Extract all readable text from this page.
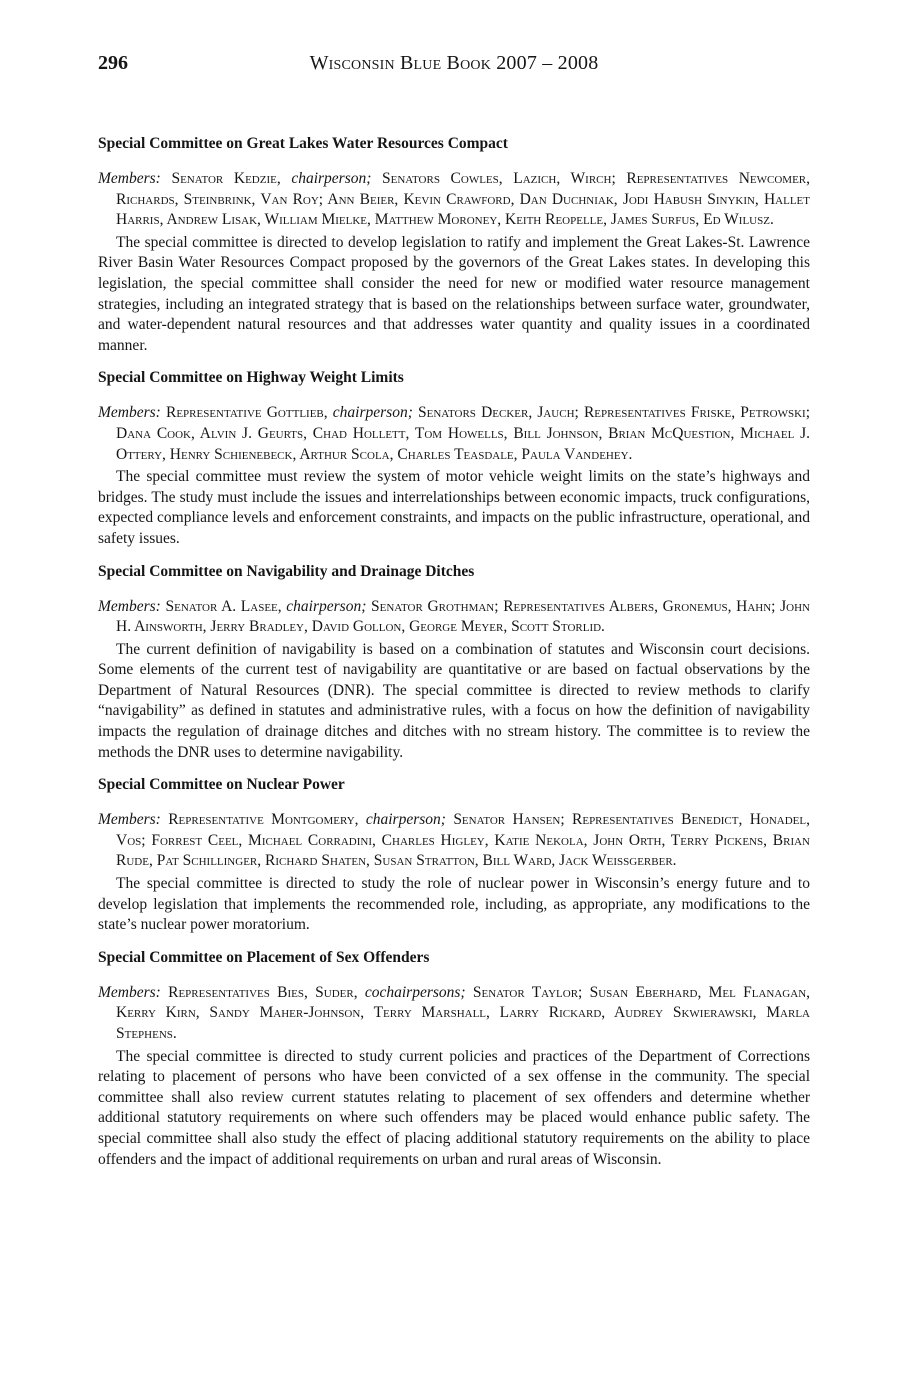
296	Wisconsin Blue Book 2007 – 2008
Special Committee on Great Lakes Water Resources Compact

Members: Senator Kedzie, chairperson; Senators Cowles, Lazich, Wirch; Representatives Newcomer, Richards, Steinbrink, Van Roy; Ann Beier, Kevin Crawford, Dan Duchniak, Jodi Habush Sinykin, Hallet Harris, Andrew Lisak, William Mielke, Matthew Moroney, Keith Reopelle, James Surfus, Ed Wilusz.

The special committee is directed to develop legislation to ratify and implement the Great Lakes-St. Lawrence River Basin Water Resources Compact proposed by the governors of the Great Lakes states. In developing this legislation, the special committee shall consider the need for new or modified water resource management strategies, including an integrated strategy that is based on the relationships between surface water, groundwater, and water-dependent natural resources and that addresses water quantity and quality issues in a coordinated manner.

Special Committee on Highway Weight Limits

Members: Representative Gottlieb, chairperson; Senators Decker, Jauch; Representatives Friske, Petrowski; Dana Cook, Alvin J. Geurts, Chad Hollett, Tom Howells, Bill Johnson, Brian McQuestion, Michael J. Ottery, Henry Schienebeck, Arthur Scola, Charles Teasdale, Paula Vandehey.

The special committee must review the system of motor vehicle weight limits on the state’s highways and bridges. The study must include the issues and interrelationships between economic impacts, truck configurations, expected compliance levels and enforcement constraints, and impacts on the public infrastructure, operational, and safety issues.

Special Committee on Navigability and Drainage Ditches

Members: Senator A. Lasee, chairperson; Senator Grothman; Representatives Albers, Gronemus, Hahn; John H. Ainsworth, Jerry Bradley, David Gollon, George Meyer, Scott Storlid.

The current definition of navigability is based on a combination of statutes and Wisconsin court decisions. Some elements of the current test of navigability are quantitative or are based on factual observations by the Department of Natural Resources (DNR). The special committee is directed to review methods to clarify “navigability” as defined in statutes and administrative rules, with a focus on how the definition of navigability impacts the regulation of drainage ditches and ditches with no stream history. The committee is to review the methods the DNR uses to determine navigability.

Special Committee on Nuclear Power

Members: Representative Montgomery, chairperson; Senator Hansen; Representatives Benedict, Honadel, Vos; Forrest Ceel, Michael Corradini, Charles Higley, Katie Nekola, John Orth, Terry Pickens, Brian Rude, Pat Schillinger, Richard Shaten, Susan Stratton, Bill Ward, Jack Weissgerber.

The special committee is directed to study the role of nuclear power in Wisconsin’s energy future and to develop legislation that implements the recommended role, including, as appropriate, any modifications to the state’s nuclear power moratorium.

Special Committee on Placement of Sex Offenders

Members: Representatives Bies, Suder, cochairpersons; Senator Taylor; Susan Eberhard, Mel Flanagan, Kerry Kirn, Sandy Maher-Johnson, Terry Marshall, Larry Rickard, Audrey Skwierawski, Marla Stephens.

The special committee is directed to study current policies and practices of the Department of Corrections relating to placement of persons who have been convicted of a sex offense in the community. The special committee shall also review current statutes relating to placement of sex offenders and determine whether additional statutory requirements on where such offenders may be placed would enhance public safety. The special committee shall also study the effect of placing additional statutory requirements on the ability to place offenders and the impact of additional requirements on urban and rural areas of Wisconsin.
